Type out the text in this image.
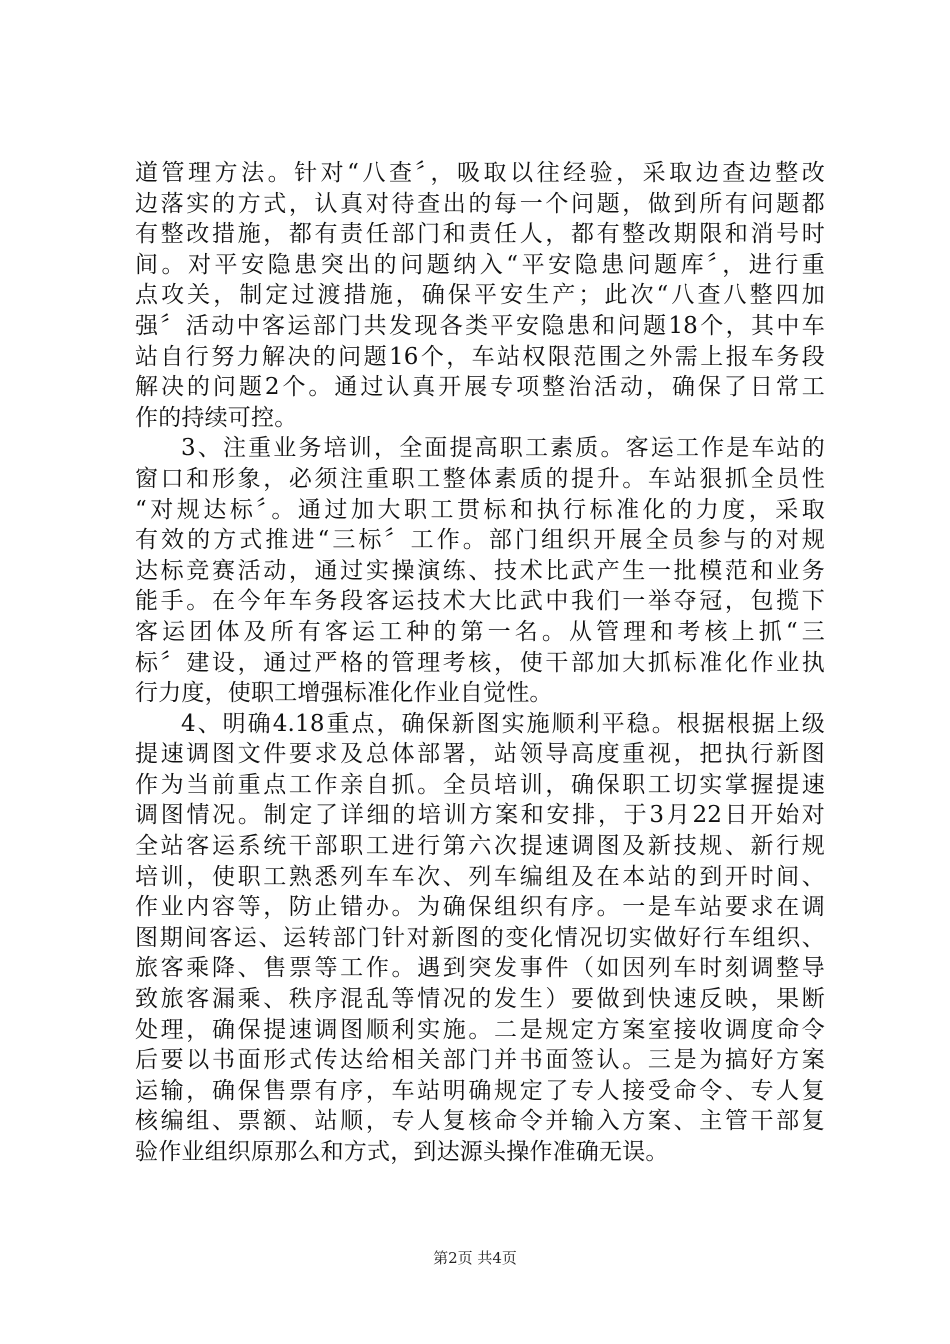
道管理方法。针对“八查〞，吸取以往经验，采取边查边整改
边落实的方式，认真对待查出的每一个问题，做到所有问题都
有整改措施，都有责任部门和责任人，都有整改期限和消号时
间。对平安隐患突出的问题纳入“平安隐患问题库〞，进行重
点攻关，制定过渡措施，确保平安生产；此次“八查八整四加
强〞活动中客运部门共发现各类平安隐患和问题18个，其中车
站自行努力解决的问题16个，车站权限范围之外需上报车务段
解决的问题2个。通过认真开展专项整治活动，确保了日常工
作的持续可控。
3、注重业务培训，全面提高职工素质。客运工作是车站的
窗口和形象，必须注重职工整体素质的提升。车站狠抓全员性
“对规达标〞。通过加大职工贯标和执行标准化的力度，采取
有效的方式推进“三标〞工作。部门组织开展全员参与的对规
达标竞赛活动，通过实操演练、技术比武产生一批模范和业务
能手。在今年车务段客运技术大比武中我们一举夺冠，包揽下
客运团体及所有客运工种的第一名。从管理和考核上抓“三
标〞建设，通过严格的管理考核，使干部加大抓标准化作业执
行力度，使职工增强标准化作业自觉性。
4、明确4.18重点，确保新图实施顺利平稳。根据根据上级
提速调图文件要求及总体部署，站领导高度重视，把执行新图
作为当前重点工作亲自抓。全员培训，确保职工切实掌握提速
调图情况。制定了详细的培训方案和安排，于3月22日开始对
全站客运系统干部职工进行第六次提速调图及新技规、新行规
培训，使职工熟悉列车车次、列车编组及在本站的到开时间、
作业内容等，防止错办。为确保组织有序。一是车站要求在调
图期间客运、运转部门针对新图的变化情况切实做好行车组织、
旅客乘降、售票等工作。遇到突发事件（如因列车时刻调整导
致旅客漏乘、秩序混乱等情况的发生）要做到快速反映，果断
处理，确保提速调图顺利实施。二是规定方案室接收调度命令
后要以书面形式传达给相关部门并书面签认。三是为搞好方案
运输，确保售票有序，车站明确规定了专人接受命令、专人复
核编组、票额、站顺，专人复核命令并输入方案、主管干部复
验作业组织原那么和方式，到达源头操作准确无误。
第2页 共4页
